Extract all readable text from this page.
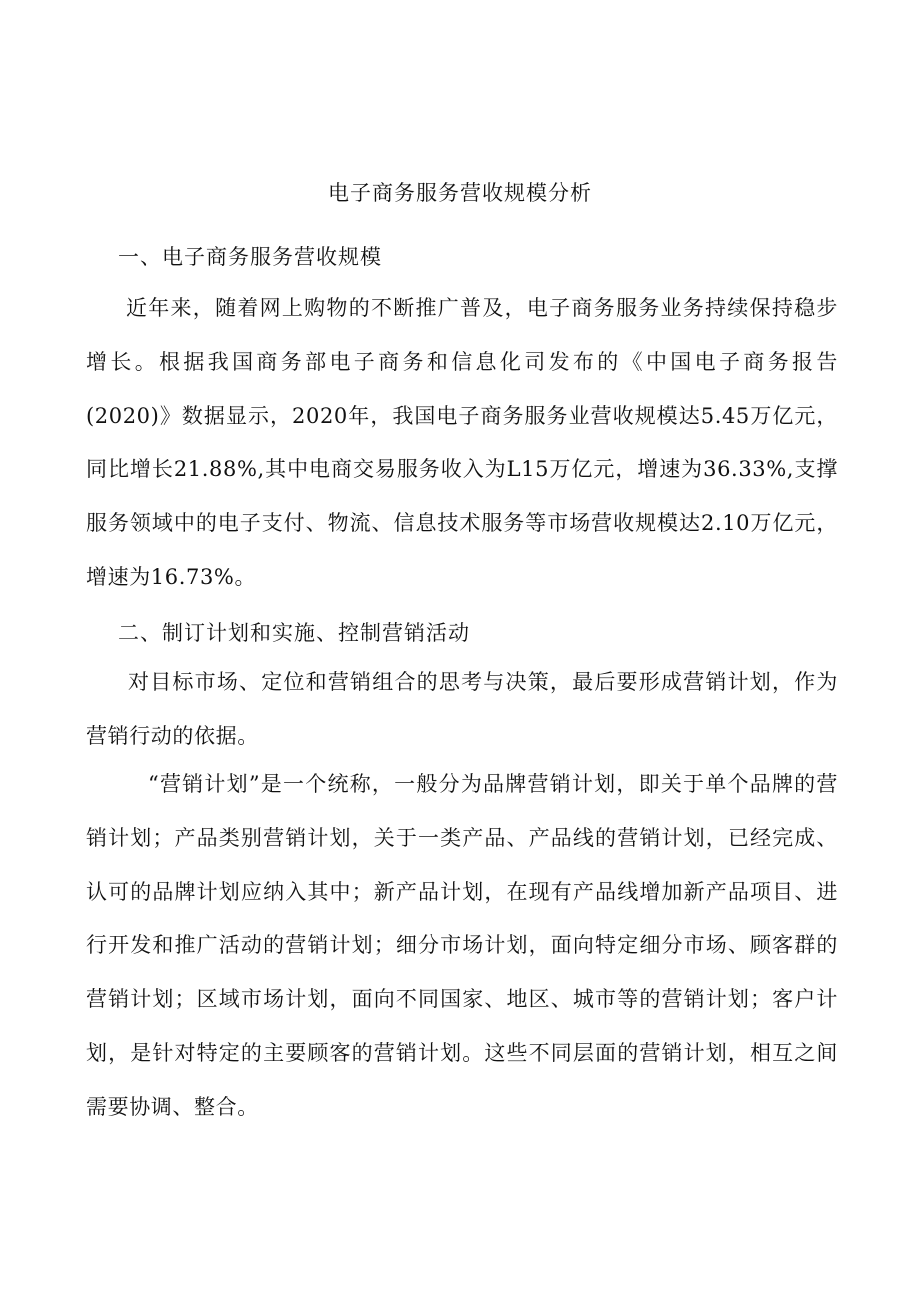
电子商务服务营收规模分析
一、电子商务服务营收规模

近年来，随着网上购物的不断推广普及，电子商务服务业务持续保持稳步增长。根据我国商务部电子商务和信息化司发布的《中国电子商务报告(2020)》数据显示，2020年，我国电子商务服务业营收规模达5.45万亿元，同比增长21.88%,其中电商交易服务收入为L15万亿元，增速为36.33%,支撑服务领域中的电子支付、物流、信息技术服务等市场营收规模达2.10万亿元，增速为16.73%。

二、制订计划和实施、控制营销活动

对目标市场、定位和营销组合的思考与决策，最后要形成营销计划，作为营销行动的依据。

“营销计划”是一个统称，一般分为品牌营销计划，即关于单个品牌的营销计划；产品类别营销计划，关于一类产品、产品线的营销计划，已经完成、认可的品牌计划应纳入其中；新产品计划，在现有产品线增加新产品项目、进行开发和推广活动的营销计划；细分市场计划，面向特定细分市场、顾客群的营销计划；区域市场计划，面向不同国家、地区、城市等的营销计划；客户计划，是针对特定的主要顾客的营销计划。这些不同层面的营销计划，相互之间需要协调、整合。
